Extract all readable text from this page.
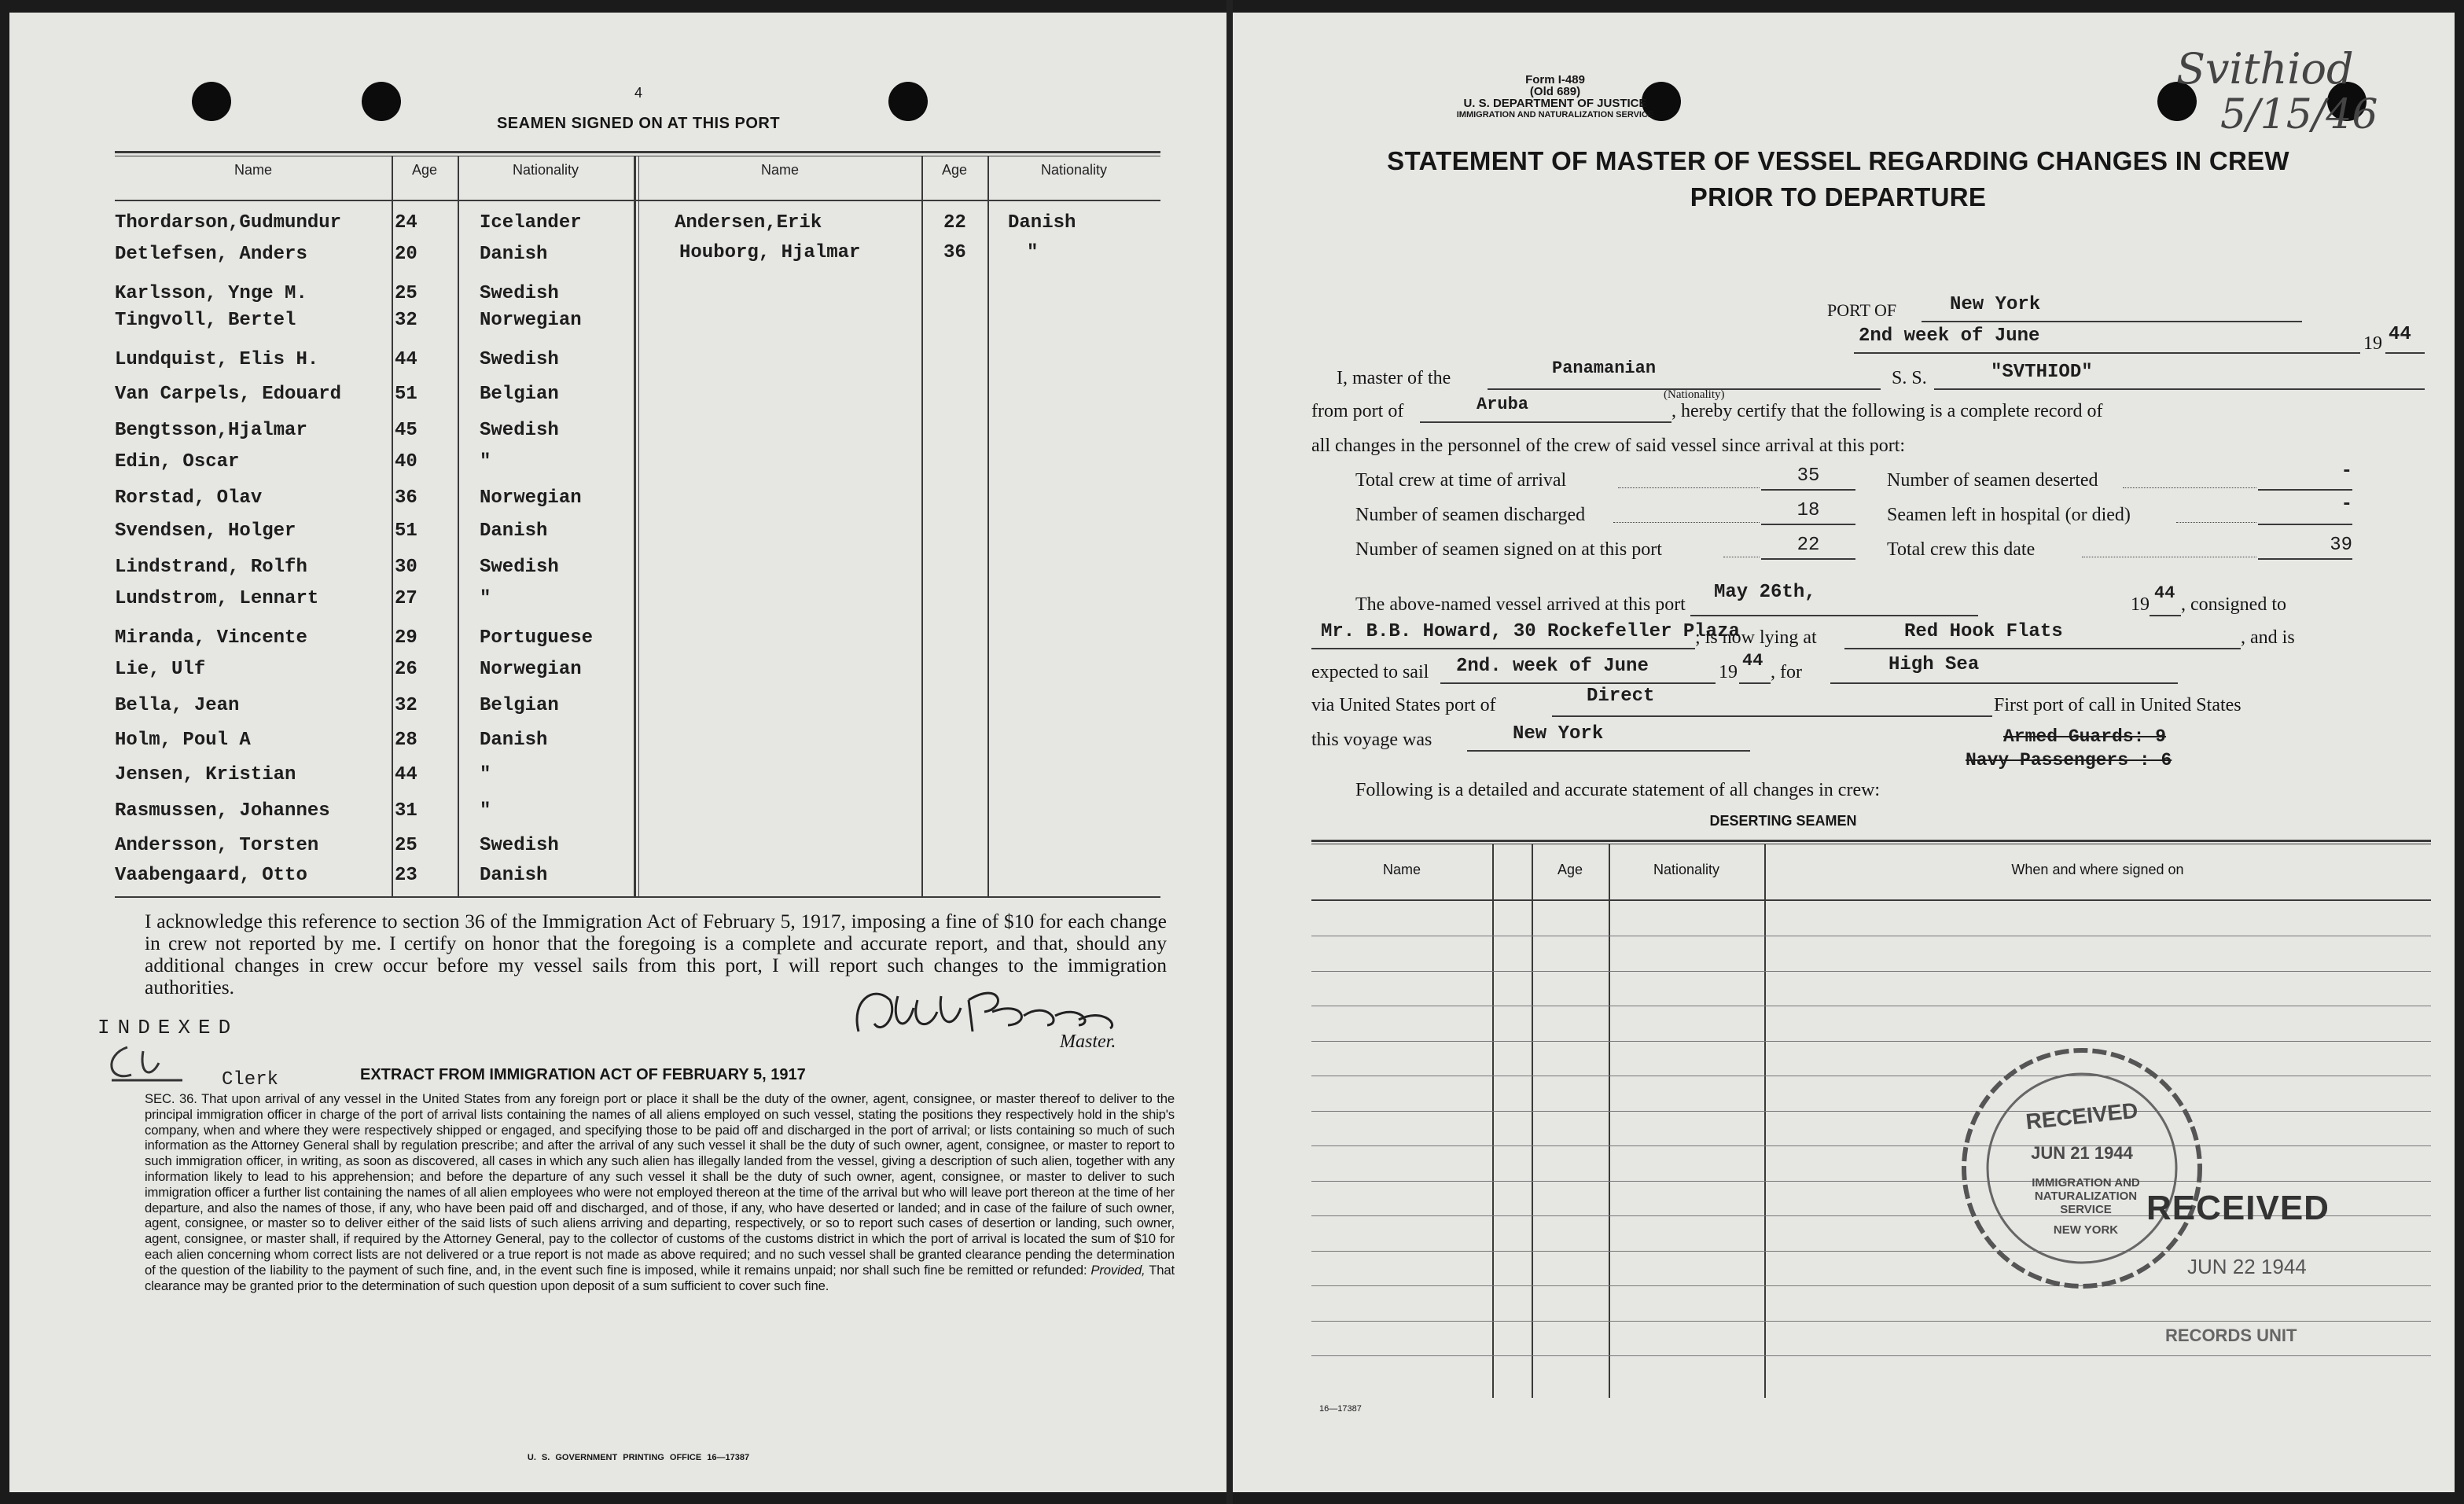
4
SEAMEN SIGNED ON AT THIS PORT
Name	Age	Nationality	Name	Age	Nationality
Thordarson,Gudmundur	24	Icelander
Detlefsen, Anders	20	Danish
Karlsson, Ynge M.	25	Swedish
Tingvoll, Bertel	32	Norwegian
Lundquist, Elis H.	44	Swedish
Van Carpels, Edouard	51	Belgian
Bengtsson,Hjalmar	45	Swedish
Edin, Oscar	40	"
Rorstad, Olav	36	Norwegian
Svendsen, Holger	51	Danish
Lindstrand, Rolfh	30	Swedish
Lundstrom, Lennart	27	"
Miranda, Vincente	29	Portuguese
Lie, Ulf	26	Norwegian
Bella, Jean	32	Belgian
Holm, Poul A	28	Danish
Jensen, Kristian	44	"
Rasmussen, Johannes	31	"
Andersson, Torsten	25	Swedish
Vaabengaard, Otto	23	Danish
Andersen,Erik	22 Danish
Houborg, Hjalmar	36	"
I acknowledge this reference to section 36 of the Immigration Act of February 5, 1917, imposing a fine of $10 for each change in crew not reported by me. I certify on honor that the foregoing is a complete and accurate report, and that, should any additional changes in crew occur before my vessel sails from this port, I will report such changes to the immigration authorities.
Master.
INDEXED
Clerk	EXTRACT FROM IMMIGRATION ACT OF FEBRUARY 5, 1917
SEC. 36. That upon arrival of any vessel in the United States from any foreign port or place it shall be the duty of the owner, agent, consignee, or master thereof to deliver to the principal immigration officer in charge of the port of arrival lists containing the names of all aliens employed on such vessel, stating the positions they respectively hold in the ship's company, when and where they were respectively shipped or engaged, and specifying those to be paid off and discharged in the port of arrival; or lists containing so much of such information as the Attorney General shall by regulation prescribe; and after the arrival of any such vessel it shall be the duty of such owner, agent, consignee, or master to report to such immigration officer, in writing, as soon as discovered, all cases in which any such alien has illegally landed from the vessel, giving a description of such alien, together with any information likely to lead to his apprehension; and before the departure of any such vessel it shall be the duty of such owner, agent, consignee, or master to deliver to such immigration officer a further list containing the names of all alien employees who were not employed thereon at the time of the arrival but who will leave port thereon at the time of her departure, and also the names of those, if any, who have been paid off and discharged, and of those, if any, who have deserted or landed; and in case of the failure of such owner, agent, consignee, or master so to deliver either of the said lists of such aliens arriving and departing, respectively, or so to report such cases of desertion or landing, such owner, agent, consignee, or master shall, if required by the Attorney General, pay to the collector of customs of the customs district in which the port of arrival is located the sum of $10 for each alien concerning whom correct lists are not delivered or a true report is not made as above required; and no such vessel shall be granted clearance pending the determination of the question of the liability to the payment of such fine, and, in the event such fine is imposed, while it remains unpaid; nor shall such fine be remitted or refunded: Provided, That clearance may be granted prior to the determination of such question upon deposit of a sum sufficient to cover such fine.
U. S. GOVERNMENT PRINTING OFFICE 16—17387
Form I-489
(Old 689)
U. S. DEPARTMENT OF JUSTICE
IMMIGRATION AND NATURALIZATION SERVICE
Svithiod
5/15/46
STATEMENT OF MASTER OF VESSEL REGARDING CHANGES IN CREW
PRIOR TO DEPARTURE
PORT OF	New York
2nd week of June	19 44
I, master of the	Panamanian
(Nationality)
S. S.	"SVTHIOD"
from port of	Aruba	, hereby certify that the following is a complete record of
all changes in the personnel of the crew of said vessel since arrival at this port:
Total crew at time of arrival	35
Number of seamen discharged	18
Number of seamen signed on at this port	22
Number of seamen deserted	-
Seamen left in hospital (or died)	-
Total crew this date	39
The above-named vessel arrived at this port
May 26th,
19
44
, consigned to
Mr. B.B. Howard, 30 Rockefeller Plaza
; is now lying at	Red Hook Flats	, and is
expected to sail 2nd. week of June	19
44
, for	High Sea
via United States port of	Direct	First port of call in United States
this voyage was	New York	Armed Guards: 9
Navy Passengers : 6
Following is a detailed and accurate statement of all changes in crew:
DESERTING SEAMEN
Name	Age	Nationality	When and where signed on
RECEIVED
JUN 21 1944
IMMIGRATION AND NATURALIZATION SERVICE
NEW YORK
RECEIVED
JUN 22 1944
RECORDS UNIT
16—17387
